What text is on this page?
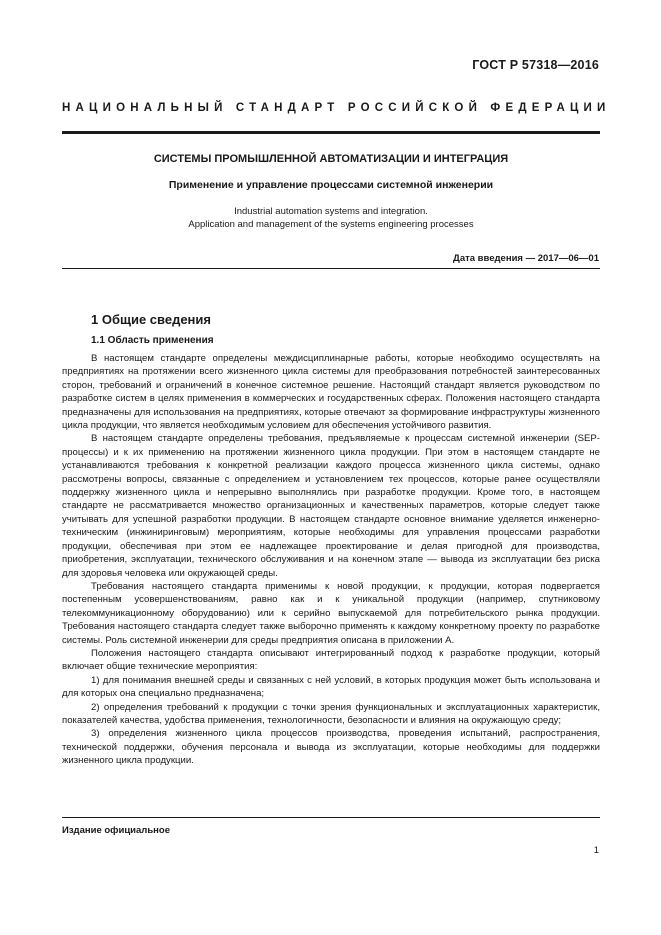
ГОСТ Р 57318—2016
НАЦИОНАЛЬНЫЙ СТАНДАРТ РОССИЙСКОЙ ФЕДЕРАЦИИ
СИСТЕМЫ ПРОМЫШЛЕННОЙ АВТОМАТИЗАЦИИ И ИНТЕГРАЦИЯ
Применение и управление процессами системной инженерии
Industrial automation systems and integration.
Application and management of the systems engineering processes
Дата введения — 2017—06—01
1 Общие сведения
1.1 Область применения

В настоящем стандарте определены междисциплинарные работы, которые необходимо осуществлять на предприятиях на протяжении всего жизненного цикла системы для преобразования потребностей заинтересованных сторон, требований и ограничений в конечное системное решение. Настоящий стандарт является руководством по разработке систем в целях применения в коммерческих и государственных сферах. Положения настоящего стандарта предназначены для использования на предприятиях, которые отвечают за формирование инфраструктуры жизненного цикла продукции, что является необходимым условием для обеспечения устойчивого развития.

В настоящем стандарте определены требования, предъявляемые к процессам системной инженерии (SEP-процессы) и к их применению на протяжении жизненного цикла продукции. При этом в настоящем стандарте не устанавливаются требования к конкретной реализации каждого процесса жизненного цикла системы, однако рассмотрены вопросы, связанные с определением и установлением тех процессов, которые ранее осуществляли поддержку жизненного цикла и непрерывно выполнялись при разработке продукции. Кроме того, в настоящем стандарте не рассматривается множество организационных и качественных параметров, которые следует также учитывать для успешной разработки продукции. В настоящем стандарте основное внимание уделяется инженерно-техническим (инжиниринговым) мероприятиям, которые необходимы для управления процессами разработки продукции, обеспечивая при этом ее надлежащее проектирование и делая пригодной для производства, приобретения, эксплуатации, технического обслуживания и на конечном этапе — вывода из эксплуатации без риска для здоровья человека или окружающей среды.

Требования настоящего стандарта применимы к новой продукции, к продукции, которая подвергается постепенным усовершенствованиям, равно как и к уникальной продукции (например, спутниковому телекоммуникационному оборудованию) или к серийно выпускаемой для потребительского рынка продукции. Требования настоящего стандарта следует также выборочно применять к каждому конкретному проекту по разработке системы. Роль системной инженерии для среды предприятия описана в приложении А.

Положения настоящего стандарта описывают интегрированный подход к разработке продукции, который включает общие технические мероприятия:

1) для понимания внешней среды и связанных с ней условий, в которых продукция может быть использована и для которых она специально предназначена;

2) определения требований к продукции с точки зрения функциональных и эксплуатационных характеристик, показателей качества, удобства применения, технологичности, безопасности и влияния на окружающую среду;

3) определения жизненного цикла процессов производства, проведения испытаний, распространения, технической поддержки, обучения персонала и вывода из эксплуатации, которые необходимы для поддержки жизненного цикла продукции.

Издание официальное
1
